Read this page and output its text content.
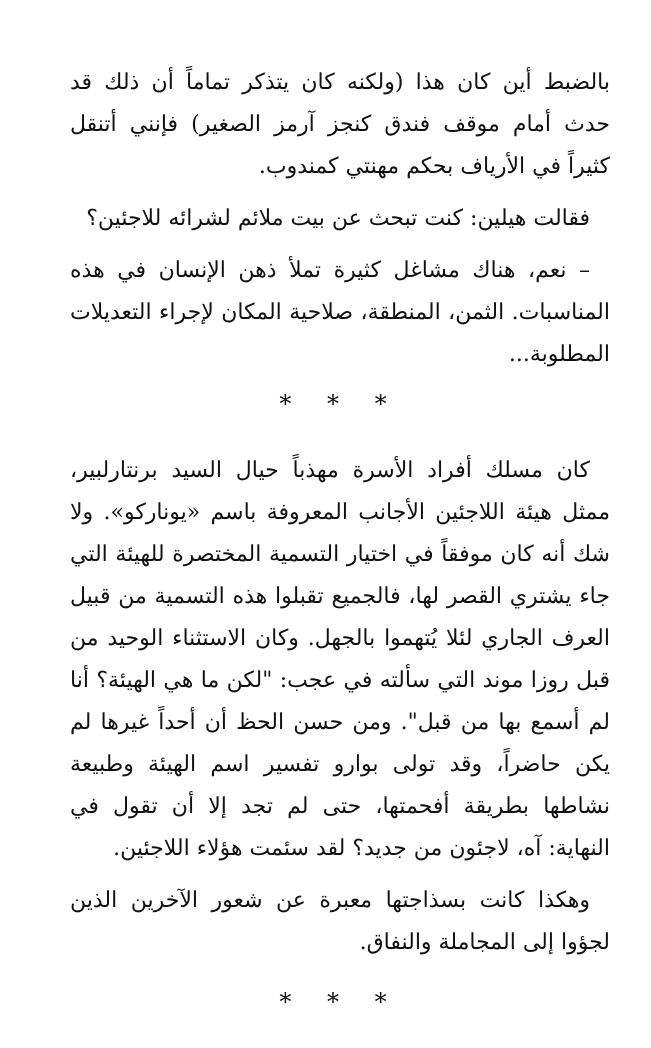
بالضبط أين كان هذا (ولكنه كان يتذكر تماماً أن ذلك قد حدث أمام موقف فندق كنجز آرمز الصغير) فإنني أتنقل كثيراً في الأرياف بحكم مهنتي كمندوب.

فقالت هيلين: كنت تبحث عن بيت ملائم لشرائه للاجئين؟

– نعم، هناك مشاغل كثيرة تملأ ذهن الإنسان في هذه المناسبات. الثمن، المنطقة، صلاحية المكان لإجراء التعديلات المطلوبة...

* * *

كان مسلك أفراد الأسرة مهذباً حيال السيد برنتارلبير، ممثل هيئة اللاجئين الأجانب المعروفة باسم «يوناركو». ولا شك أنه كان موفقاً في اختيار التسمية المختصرة للهيئة التي جاء يشتري القصر لها، فالجميع تقبلوا هذه التسمية من قبيل العرف الجاري لئلا يُتهموا بالجهل. وكان الاستثناء الوحيد من قبل روزا موند التي سألته في عجب: "لكن ما هي الهيئة؟ أنا لم أسمع بها من قبل". ومن حسن الحظ أن أحداً غيرها لم يكن حاضراً، وقد تولى بوارو تفسير اسم الهيئة وطبيعة نشاطها بطريقة أفحمتها، حتى لم تجد إلا أن تقول في النهاية: آه، لاجئون من جديد؟ لقد سئمت هؤلاء اللاجئين.

وهكذا كانت بسذاجتها معبرة عن شعور الآخرين الذين لجؤوا إلى المجاملة والنفاق.

* * *
